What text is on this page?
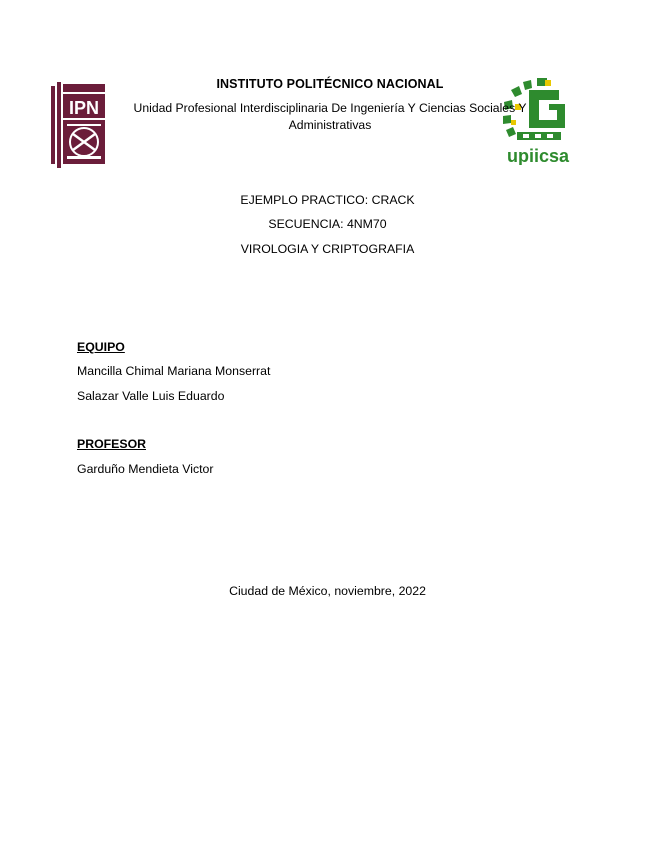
IPN
upiicsa
INSTITUTO POLITÉCNICO NACIONAL
Unidad Profesional Interdisciplinaria De Ingeniería Y Ciencias Sociales Y Administrativas
EJEMPLO PRACTICO: CRACK
SECUENCIA: 4NM70
VIROLOGIA Y CRIPTOGRAFIA
EQUIPO
Mancilla Chimal Mariana Monserrat
Salazar Valle Luis Eduardo
PROFESOR
Garduño Mendieta Victor
Ciudad de México, noviembre, 2022
